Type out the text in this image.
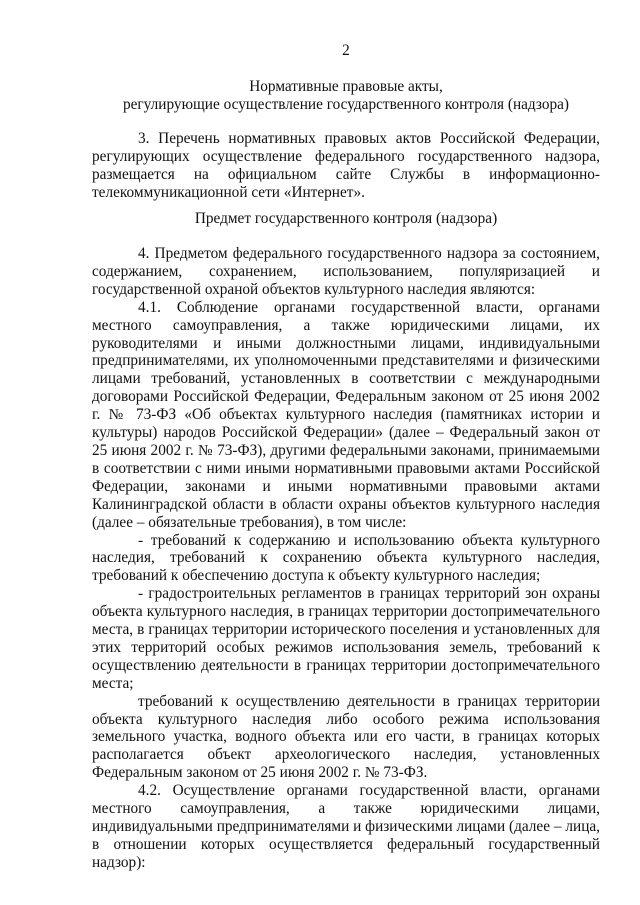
2

Нормативные правовые акты,

регулирующие осуществление государственного контроля (надзора)

3. Перечень нормативных правовых актов Российской Федерации, регулирующих осуществление федерального государственного надзора, размещается на официальном сайте Службы в информационно-телекоммуникационной сети «Интернет».

Предмет государственного контроля (надзора)

4. Предметом федерального государственного надзора за состоянием, содержанием, сохранением, использованием, популяризацией и государственной охраной объектов культурного наследия являются:

4.1. Соблюдение органами государственной власти, органами местного самоуправления, а также юридическими лицами, их руководителями и иными должностными лицами, индивидуальными предпринимателями, их уполномоченными представителями и физическими лицами требований, установленных в соответствии с международными договорами Российской Федерации, Федеральным законом от 25 июня 2002 г. № 73-ФЗ «Об объектах культурного наследия (памятниках истории и культуры) народов Российской Федерации» (далее – Федеральный закон от 25 июня 2002 г. № 73-ФЗ), другими федеральными законами, принимаемыми в соответствии с ними иными нормативными правовыми актами Российской Федерации, законами и иными нормативными правовыми актами Калининградской области в области охраны объектов культурного наследия (далее – обязательные требования), в том числе:

- требований к содержанию и использованию объекта культурного наследия, требований к сохранению объекта культурного наследия, требований к обеспечению доступа к объекту культурного наследия;

- градостроительных регламентов в границах территорий зон охраны объекта культурного наследия, в границах территории достопримечательного места, в границах территории исторического поселения и установленных для этих территорий особых режимов использования земель, требований к осуществлению деятельности в границах территории достопримечательного места;

требований к осуществлению деятельности в границах территории объекта культурного наследия либо особого режима использования земельного участка, водного объекта или его части, в границах которых располагается объект археологического наследия, установленных Федеральным законом от 25 июня 2002 г. № 73-ФЗ.

4.2. Осуществление органами государственной власти, органами местного самоуправления, а также юридическими лицами, индивидуальными предпринимателями и физическими лицами (далее – лица, в отношении которых осуществляется федеральный государственный надзор):
